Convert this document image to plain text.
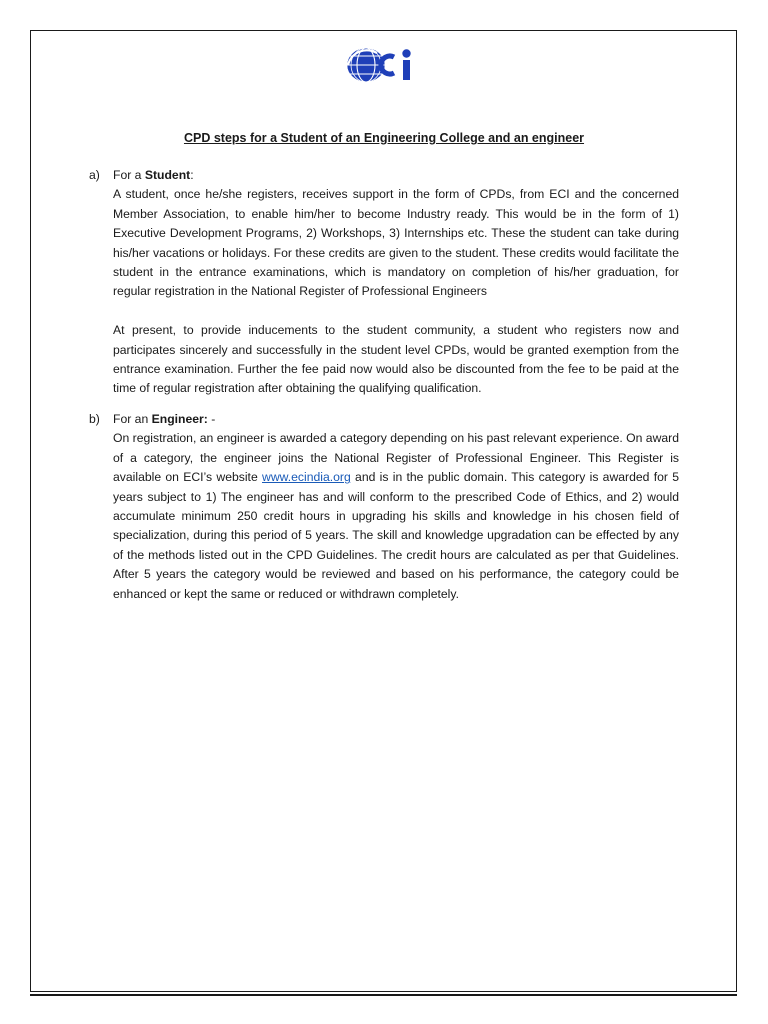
CPD steps for a Student of an Engineering College and an engineer
a) For a Student:

A student, once he/she registers, receives support in the form of CPDs, from ECI and the concerned Member Association, to enable him/her to become Industry ready. This would be in the form of 1) Executive Development Programs, 2) Workshops, 3) Internships etc. These the student can take during his/her vacations or holidays. For these credits are given to the student. These credits would facilitate the student in the entrance examinations, which is mandatory on completion of his/her graduation, for regular registration in the National Register of Professional Engineers

At present, to provide inducements to the student community, a student who registers now and participates sincerely and successfully in the student level CPDs, would be granted exemption from the entrance examination. Further the fee paid now would also be discounted from the fee to be paid at the time of regular registration after obtaining the qualifying qualification.

b) For an Engineer: -

On registration, an engineer is awarded a category depending on his past relevant experience. On award of a category, the engineer joins the National Register of Professional Engineer. This Register is available on ECI’s website www.ecindia.org and is in the public domain. This category is awarded for 5 years subject to 1) The engineer has and will conform to the prescribed Code of Ethics, and 2) would accumulate minimum 250 credit hours in upgrading his skills and knowledge in his chosen field of specialization, during this period of 5 years. The skill and knowledge upgradation can be effected by any of the methods listed out in the CPD Guidelines. The credit hours are calculated as per that Guidelines. After 5 years the category would be reviewed and based on his performance, the category could be enhanced or kept the same or reduced or withdrawn completely.
